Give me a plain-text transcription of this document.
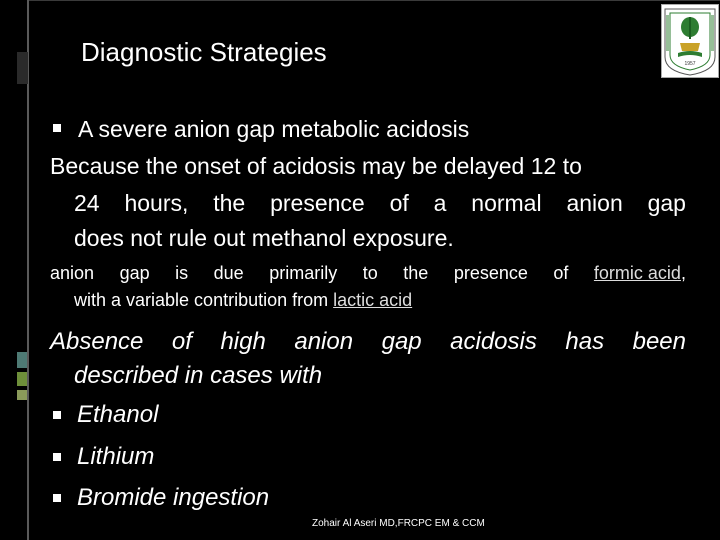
Diagnostic Strategies	1957
A severe anion gap metabolic acidosis
Because the onset of acidosis may be delayed 12 to
24 hours, the presence of a normal anion gap
does not rule out methanol exposure.
anion gap is due primarily to the presence of formic acid,
with a variable contribution from lactic acid
Absence of high anion gap acidosis has been
described in cases with
Ethanol
Lithium
Bromide ingestion
Zohair Al Aseri MD,FRCPC EM & CCM
